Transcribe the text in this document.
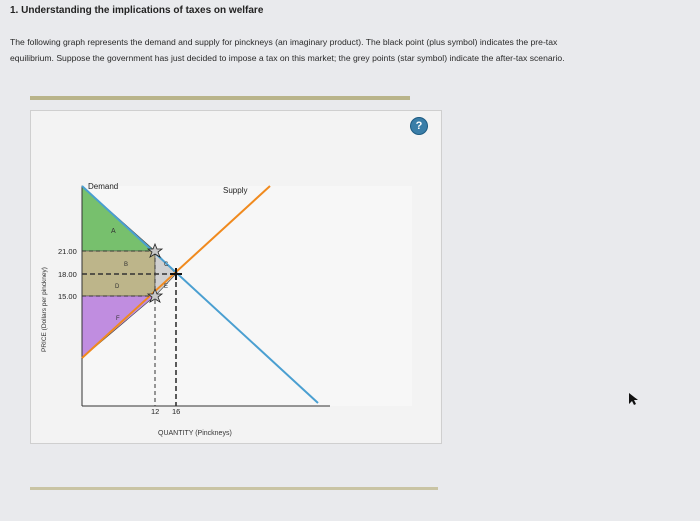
1. Understanding the implications of taxes on welfare
The following graph represents the demand and supply for pinckneys (an imaginary product). The black point (plus symbol) indicates the pre-tax
equilibrium. Suppose the government has just decided to impose a tax on this market; the grey points (star symbol) indicate the after-tax scenario.
?
Demand	Supply
A
B	C
D	E
F
21.00
18.00
15.00
12 16
PRICE (Dollars per pinckney)
QUANTITY (Pinckneys)
